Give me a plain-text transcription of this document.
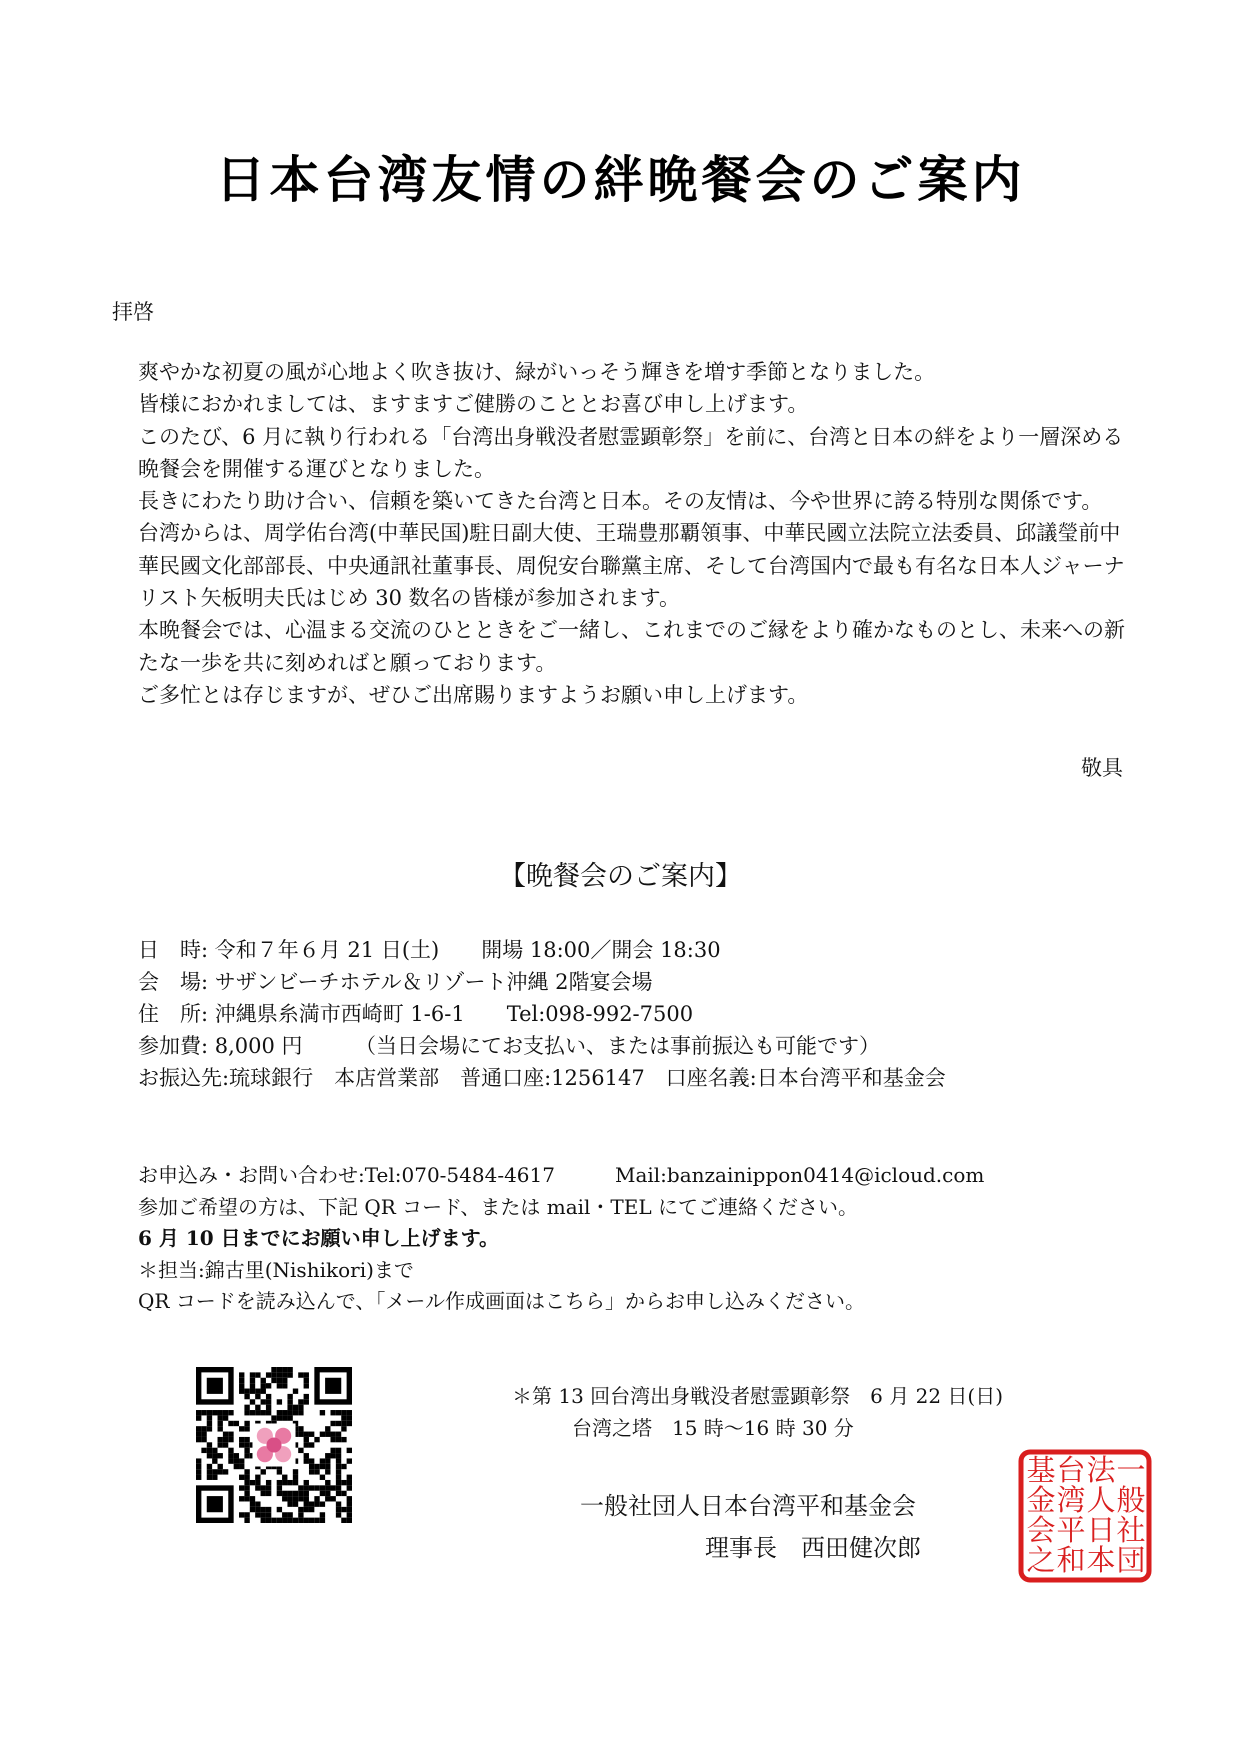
日本台湾友情の絆晩餐会のご案内
拝啓

爽やかな初夏の風が心地よく吹き抜け、緑がいっそう輝きを増す季節となりました。

皆様におかれましては、ますますご健勝のこととお喜び申し上げます。

このたび、6 月に執り行われる「台湾出身戦没者慰霊顕彰祭」を前に、台湾と日本の絆をより一層深める晩餐会を開催する運びとなりました。

長きにわたり助け合い、信頼を築いてきた台湾と日本。その友情は、今や世界に誇る特別な関係です。

台湾からは、周学佑台湾(中華民国)駐日副大使、王瑞豊那覇領事、中華民國立法院立法委員、邱議瑩前中華民國文化部部長、中央通訊社董事長、周倪安台聯黨主席、そして台湾国内で最も有名な日本人ジャーナリスト矢板明夫氏はじめ 30 数名の皆様が参加されます。

本晩餐会では、心温まる交流のひとときをご一緒し、これまでのご縁をより確かなものとし、未来への新たな一歩を共に刻めればと願っております。

ご多忙とは存じますが、ぜひご出席賜りますようお願い申し上げます。

敬具
【晩餐会のご案内】
日　時: 令和７年６月 21 日(土)　　開場 18:00／開会 18:30
会　場: サザンビーチホテル＆リゾート沖縄 2階宴会場
住　所: 沖縄県糸満市西崎町 1-6-1　　Tel:098-992-7500
参加費: 8,000 円　　　（当日会場にてお支払い、または事前振込も可能です）
お振込先:琉球銀行　本店営業部　普通口座:1256147　口座名義:日本台湾平和基金会
お申込み・お問い合わせ:Tel:070-5484-4617　　　Mail:banzainippon0414@icloud.com
参加ご希望の方は、下記 QR コード、または mail・TEL にてご連絡ください。
6 月 10 日までにお願い申し上げます。
＊担当:錦古里(Nishikori)まで
QR コードを読み込んで、「メール作成画面はこちら」からお申し込みください。
＊第 13 回台湾出身戦没者慰霊顕彰祭　6 月 22 日(日)
台湾之塔　15 時～16 時 30 分
一般社団人日本台湾平和基金会
理事長　西田健次郎
一
般
社
団
法
人
日
本
台
湾
平
和
基
金
会
之
